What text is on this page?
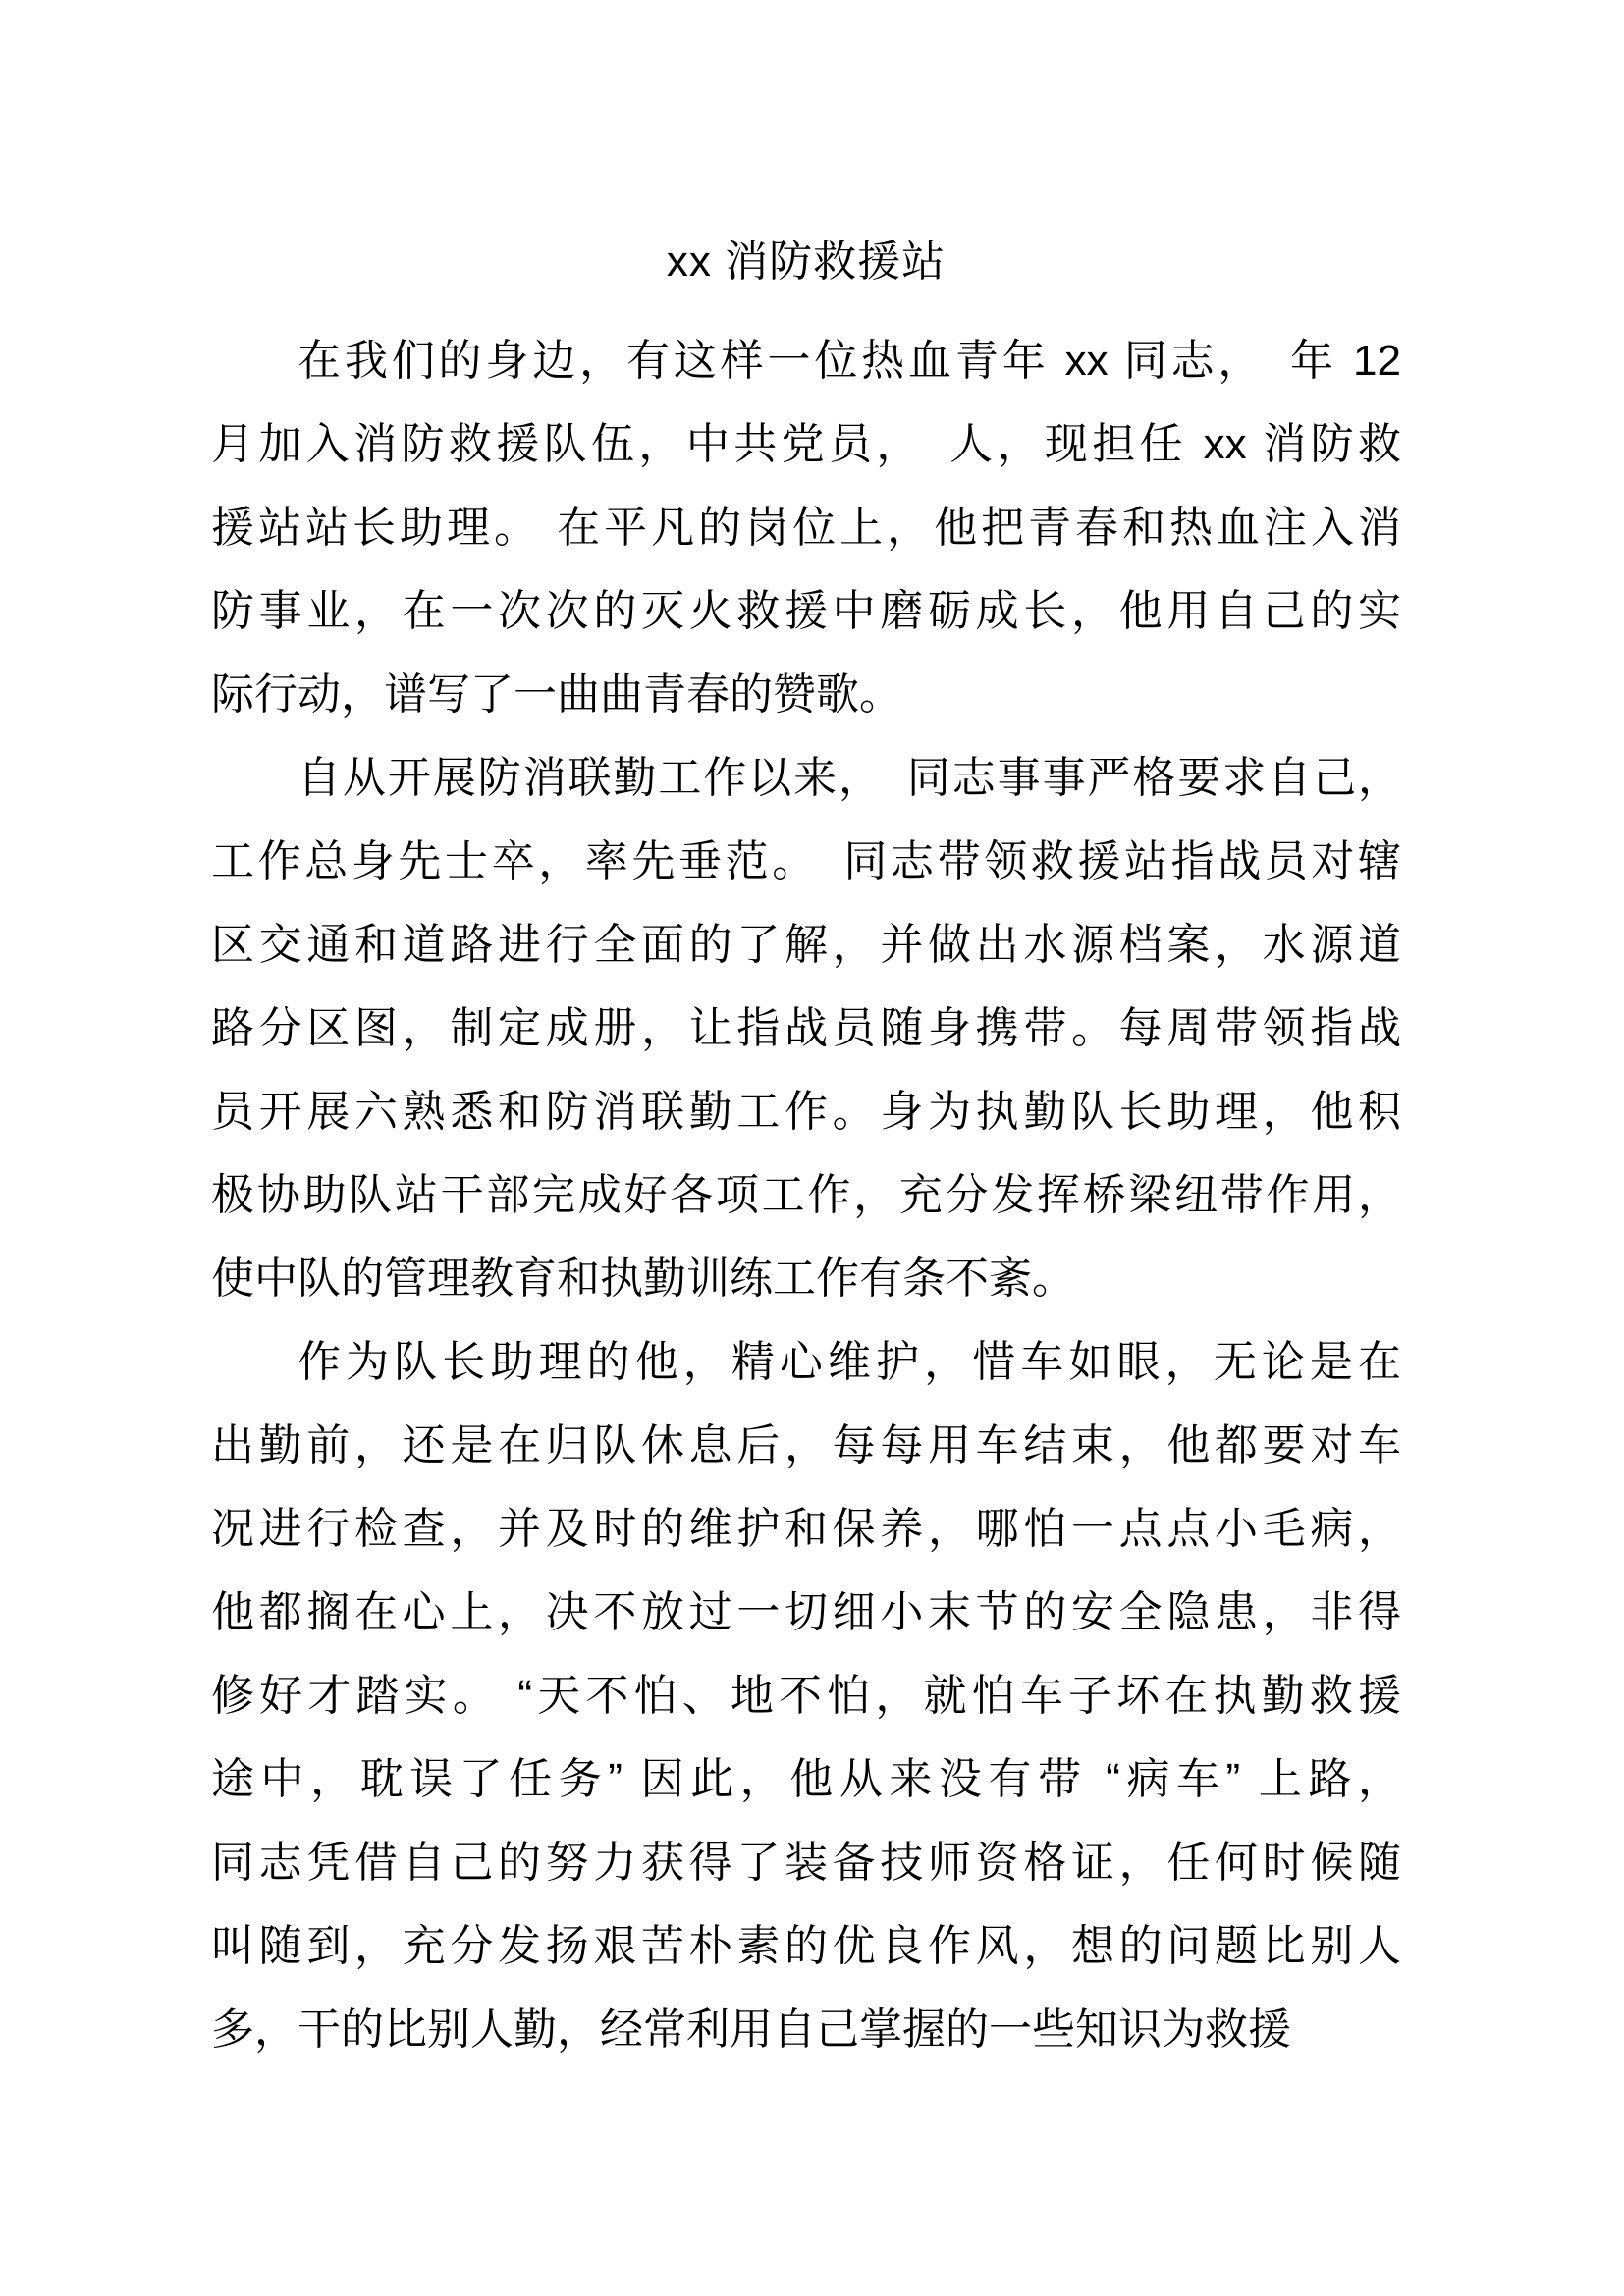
xx 消防救援站
在我们的身边，有这样一位热血青年 xx 同志，　年 12
月加入消防救援队伍，中共党员，　人，现担任 xx 消防救
援站站长助理。 在平凡的岗位上，他把青春和热血注入消
防事业，在一次次的灭火救援中磨砺成长，他用自己的实
际行动，谱写了一曲曲青春的赞歌。
自从开展防消联勤工作以来，　同志事事严格要求自己，
工作总身先士卒，率先垂范。　同志带领救援站指战员对辖
区交通和道路进行全面的了解，并做出水源档案，水源道
路分区图，制定成册，让指战员随身携带。每周带领指战
员开展六熟悉和防消联勤工作。身为执勤队长助理，他积
极协助队站干部完成好各项工作，充分发挥桥梁纽带作用，
使中队的管理教育和执勤训练工作有条不紊。
作为队长助理的他，精心维护，惜车如眼，无论是在
出勤前，还是在归队休息后，每每用车结束，他都要对车
况进行检查，并及时的维护和保养，哪怕一点点小毛病，
他都搁在心上，决不放过一切细小末节的安全隐患，非得
修好才踏实。 “天不怕、地不怕，就怕车子坏在执勤救援
途中，耽误了任务” 因此，他从来没有带 “病车” 上路，
同志凭借自己的努力获得了装备技师资格证，任何时候随
叫随到，充分发扬艰苦朴素的优良作风，想的问题比别人
多，干的比别人勤，经常利用自己掌握的一些知识为救援
